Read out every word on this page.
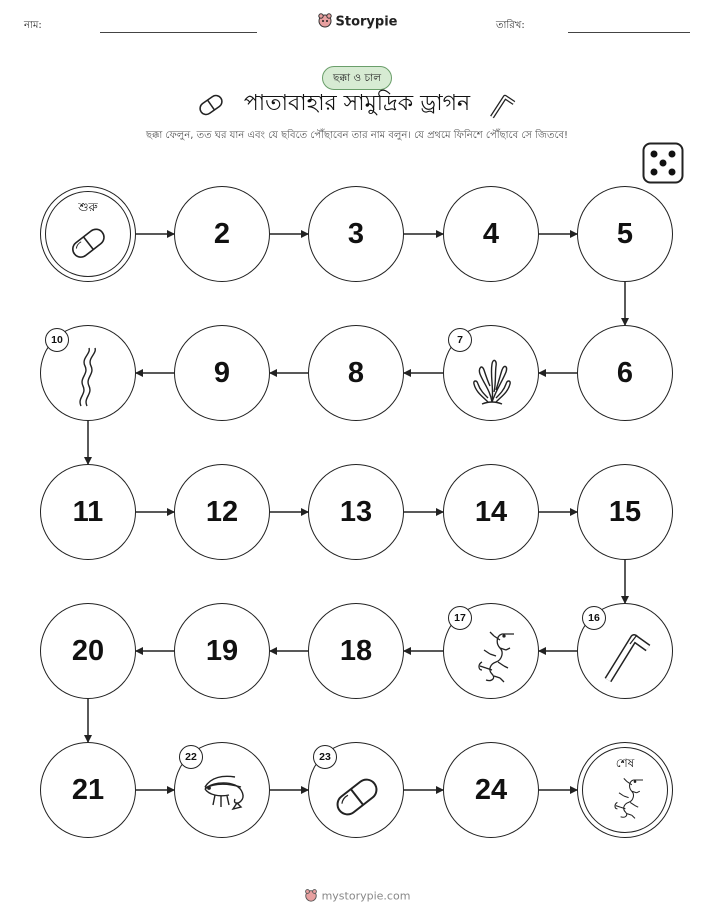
নাম:	Storypie	তারিখ:
ছক্কা ও চাল
পাতাবাহার সামুদ্রিক ড্রাগন
ছক্কা ফেলুন, তত ঘর যান এবং যে ছবিতে পৌঁছাবেন তার নাম বলুন। যে প্রথমে ফিনিশে পৌঁছাবে সে জিতবে!
শুরু
2	3	4	5
6
7
8
9
10
11	12	13	14	15
16
17
18
19
20
21
22	23
24
শেষ
mystorypie.com
